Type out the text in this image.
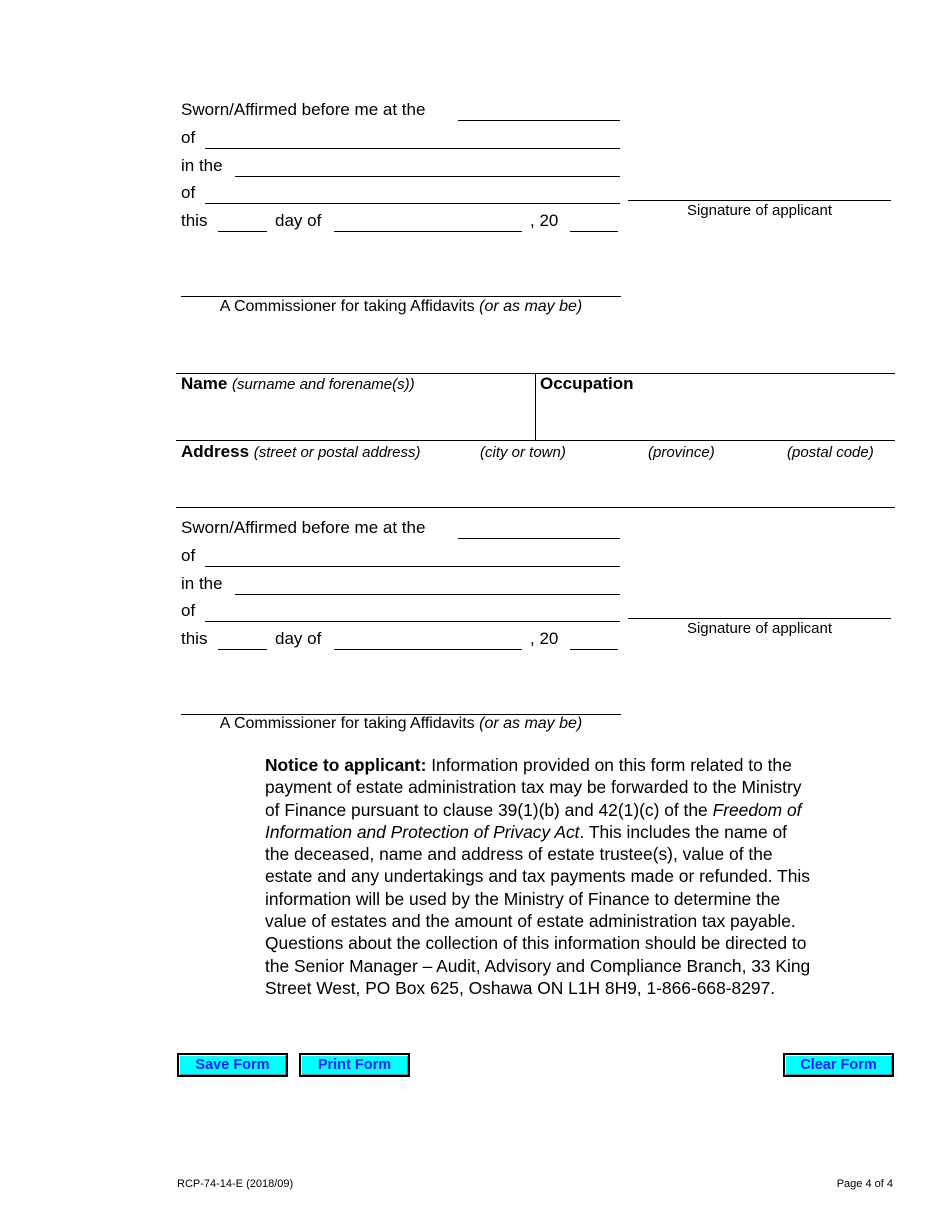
Sworn/Affirmed before me at the
of
in the
of
this	day of	, 20
Signature of applicant
A Commissioner for taking Affidavits (or as may be)
Name (surname and forename(s))	Occupation
Address (street or postal address)	(city or town)	(province)	(postal code)
Sworn/Affirmed before me at the
of
in the
of
this	day of	, 20
Signature of applicant
A Commissioner for taking Affidavits (or as may be)
Notice to applicant: Information provided on this form related to the payment of estate administration tax may be forwarded to the Ministry of Finance pursuant to clause 39(1)(b) and 42(1)(c) of the Freedom of Information and Protection of Privacy Act. This includes the name of the deceased, name and address of estate trustee(s), value of the estate and any undertakings and tax payments made or refunded. This information will be used by the Ministry of Finance to determine the value of estates and the amount of estate administration tax payable. Questions about the collection of this information should be directed to the Senior Manager – Audit, Advisory and Compliance Branch, 33 King Street West, PO Box 625, Oshawa ON L1H 8H9, 1-866-668-8297.
Save Form	Print Form	Clear Form
RCP-74-14-E (2018/09)	Page 4 of 4
